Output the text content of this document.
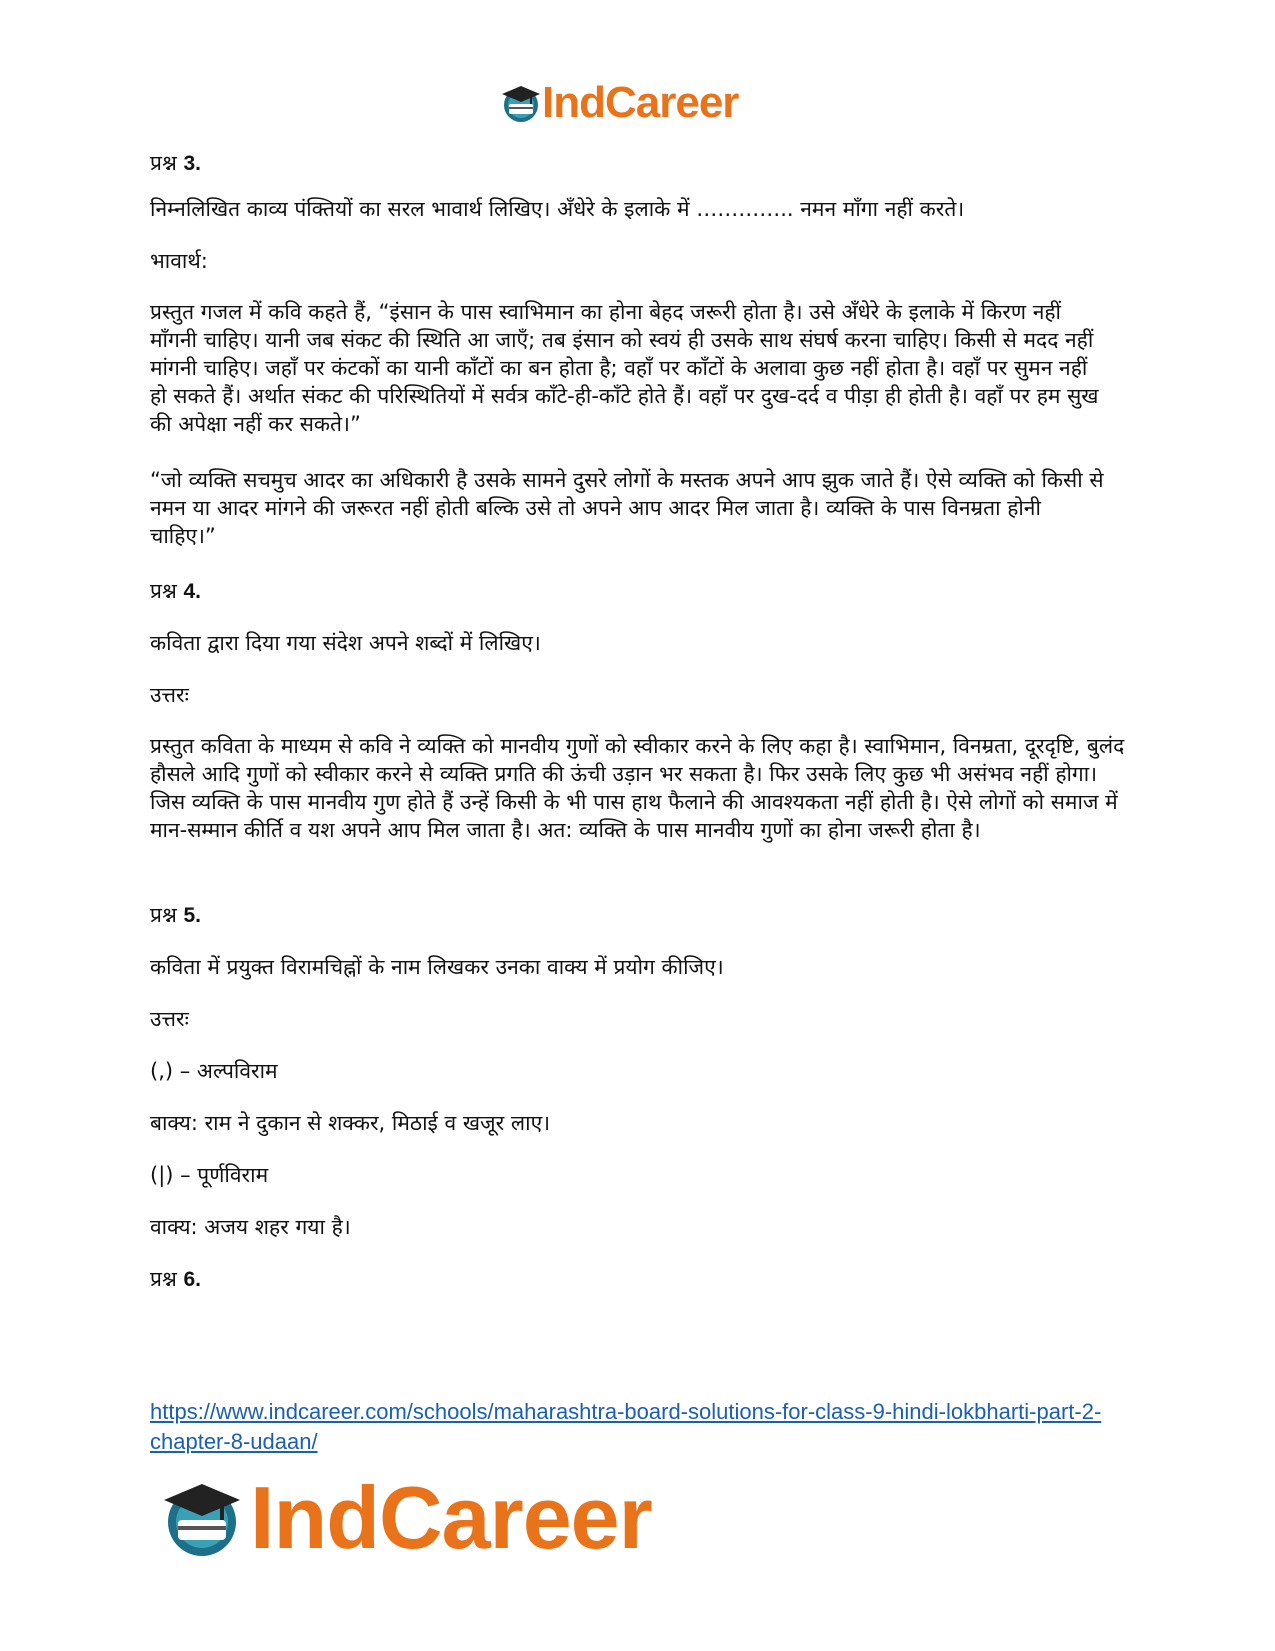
IndCareer

प्रश्न 3.

निम्नलिखित काव्य पंक्तियों का सरल भावार्थ लिखिए। अँधेरे के इलाके में ………….. नमन माँगा नहीं करते।

भावार्थ:

प्रस्तुत गजल में कवि कहते हैं, “इंसान के पास स्वाभिमान का होना बेहद जरूरी होता है। उसे अँधेरे के इलाके में किरण नहीं माँगनी चाहिए। यानी जब संकट की स्थिति आ जाएँ; तब इंसान को स्वयं ही उसके साथ संघर्ष करना चाहिए। किसी से मदद नहीं मांगनी चाहिए। जहाँ पर कंटकों का यानी काँटों का बन होता है; वहाँ पर काँटों के अलावा कुछ नहीं होता है। वहाँ पर सुमन नहीं हो सकते हैं। अर्थात संकट की परिस्थितियों में सर्वत्र काँटे-ही-काँटे होते हैं। वहाँ पर दुख-दर्द व पीड़ा ही होती है। वहाँ पर हम सुख की अपेक्षा नहीं कर सकते।”

“जो व्यक्ति सचमुच आदर का अधिकारी है उसके सामने दुसरे लोगों के मस्तक अपने आप झुक जाते हैं। ऐसे व्यक्ति को किसी से नमन या आदर मांगने की जरूरत नहीं होती बल्कि उसे तो अपने आप आदर मिल जाता है। व्यक्ति के पास विनम्रता होनी चाहिए।”

प्रश्न 4.

कविता द्वारा दिया गया संदेश अपने शब्दों में लिखिए।

उत्तरः

प्रस्तुत कविता के माध्यम से कवि ने व्यक्ति को मानवीय गुणों को स्वीकार करने के लिए कहा है। स्वाभिमान, विनम्रता, दूरदृष्टि, बुलंद हौसले आदि गुणों को स्वीकार करने से व्यक्ति प्रगति की ऊंची उड़ान भर सकता है। फिर उसके लिए कुछ भी असंभव नहीं होगा। जिस व्यक्ति के पास मानवीय गुण होते हैं उन्हें किसी के भी पास हाथ फैलाने की आवश्यकता नहीं होती है। ऐसे लोगों को समाज में मान-सम्मान कीर्ति व यश अपने आप मिल जाता है। अत: व्यक्ति के पास मानवीय गुणों का होना जरूरी होता है।

प्रश्न 5.

कविता में प्रयुक्त विरामचिह्नों के नाम लिखकर उनका वाक्य में प्रयोग कीजिए।

उत्तरः

(,) – अल्पविराम

बाक्य: राम ने दुकान से शक्कर, मिठाई व खजूर लाए।

(|) – पूर्णविराम

वाक्य: अजय शहर गया है।

प्रश्न 6.

https://www.indcareer.com/schools/maharashtra-board-solutions-for-class-9-hindi-lokbharti-part-2-chapter-8-udaan/
IndCareer
